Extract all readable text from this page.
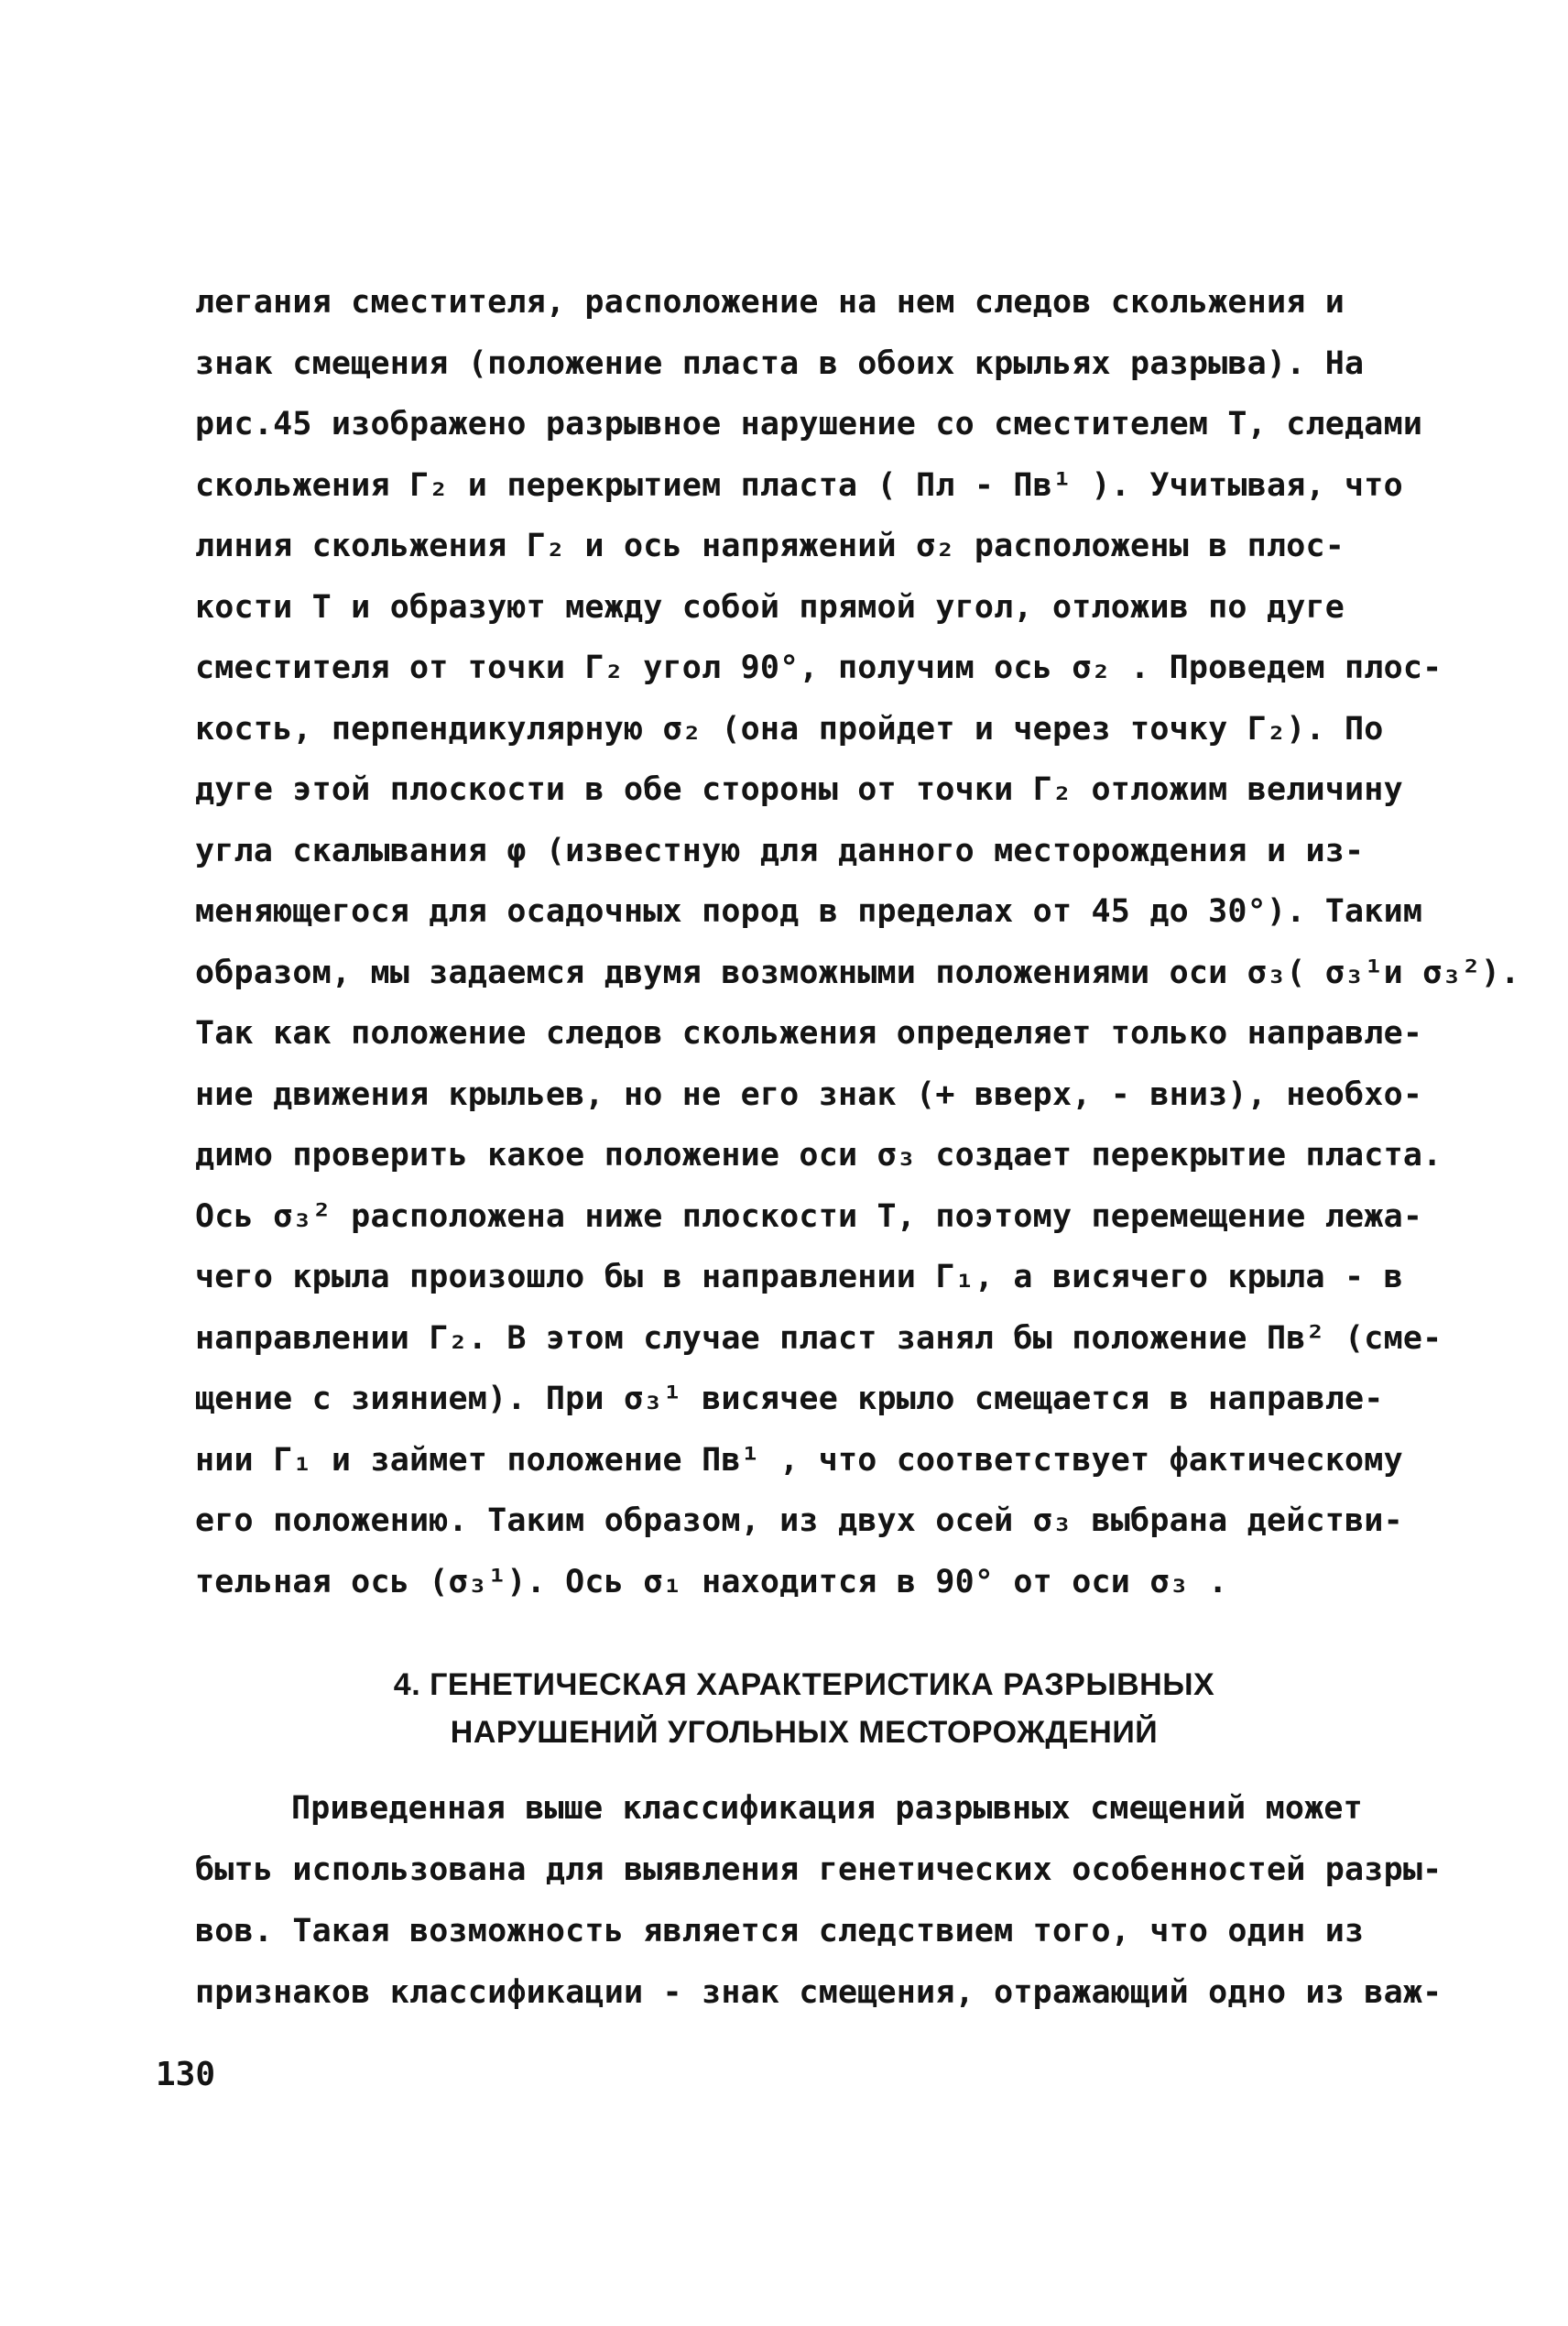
легания сместителя, расположение на нем следов скольжения и
знак смещения (положение пласта в обоих крыльях разрыва). На
рис.45 изображено разрывное нарушение со сместителем Т, следами
скольжения Г₂ и перекрытием пласта ( Пл - Пв¹ ). Учитывая, что
линия скольжения Г₂ и ось напряжений σ₂ расположены в плос-
кости Т и образуют между собой прямой угол, отложив по дуге
сместителя от точки Г₂ угол 90°, получим ось σ₂ . Проведем плос-
кость, перпендикулярную σ₂ (она пройдет и через точку Г₂). По
дуге этой плоскости в обе стороны от точки Г₂ отложим величину
угла скалывания φ (известную для данного месторождения и из-
меняющегося для осадочных пород в пределах от 45 до 30°). Таким
образом, мы задаемся двумя возможными положениями оси σ₃( σ₃¹и σ₃²).
Так как положение следов скольжения определяет только направле-
ние движения крыльев, но не его знак (+ вверх, - вниз), необхо-
димо проверить какое положение оси σ₃ создает перекрытие пласта.
Ось σ₃² расположена ниже плоскости Т, поэтому перемещение лежа-
чего крыла произошло бы в направлении Г₁, а висячего крыла - в
направлении Г₂. В этом случае пласт занял бы положение Пв² (сме-
щение с зиянием). При σ₃¹ висячее крыло смещается в направле-
нии Г₁ и займет положение Пв¹ , что соответствует фактическому
его положению. Таким образом, из двух осей σ₃ выбрана действи-
тельная ось (σ₃¹). Ось σ₁ находится в 90° от оси σ₃ .
4. ГЕНЕТИЧЕСКАЯ ХАРАКТЕРИСТИКА РАЗРЫВНЫХ
НАРУШЕНИЙ УГОЛЬНЫХ МЕСТОРОЖДЕНИЙ
Приведенная выше классификация разрывных смещений может
быть использована для выявления генетических особенностей разры-
вов. Такая возможность является следствием того, что один из
признаков классификации - знак смещения, отражающий одно из важ-
130
